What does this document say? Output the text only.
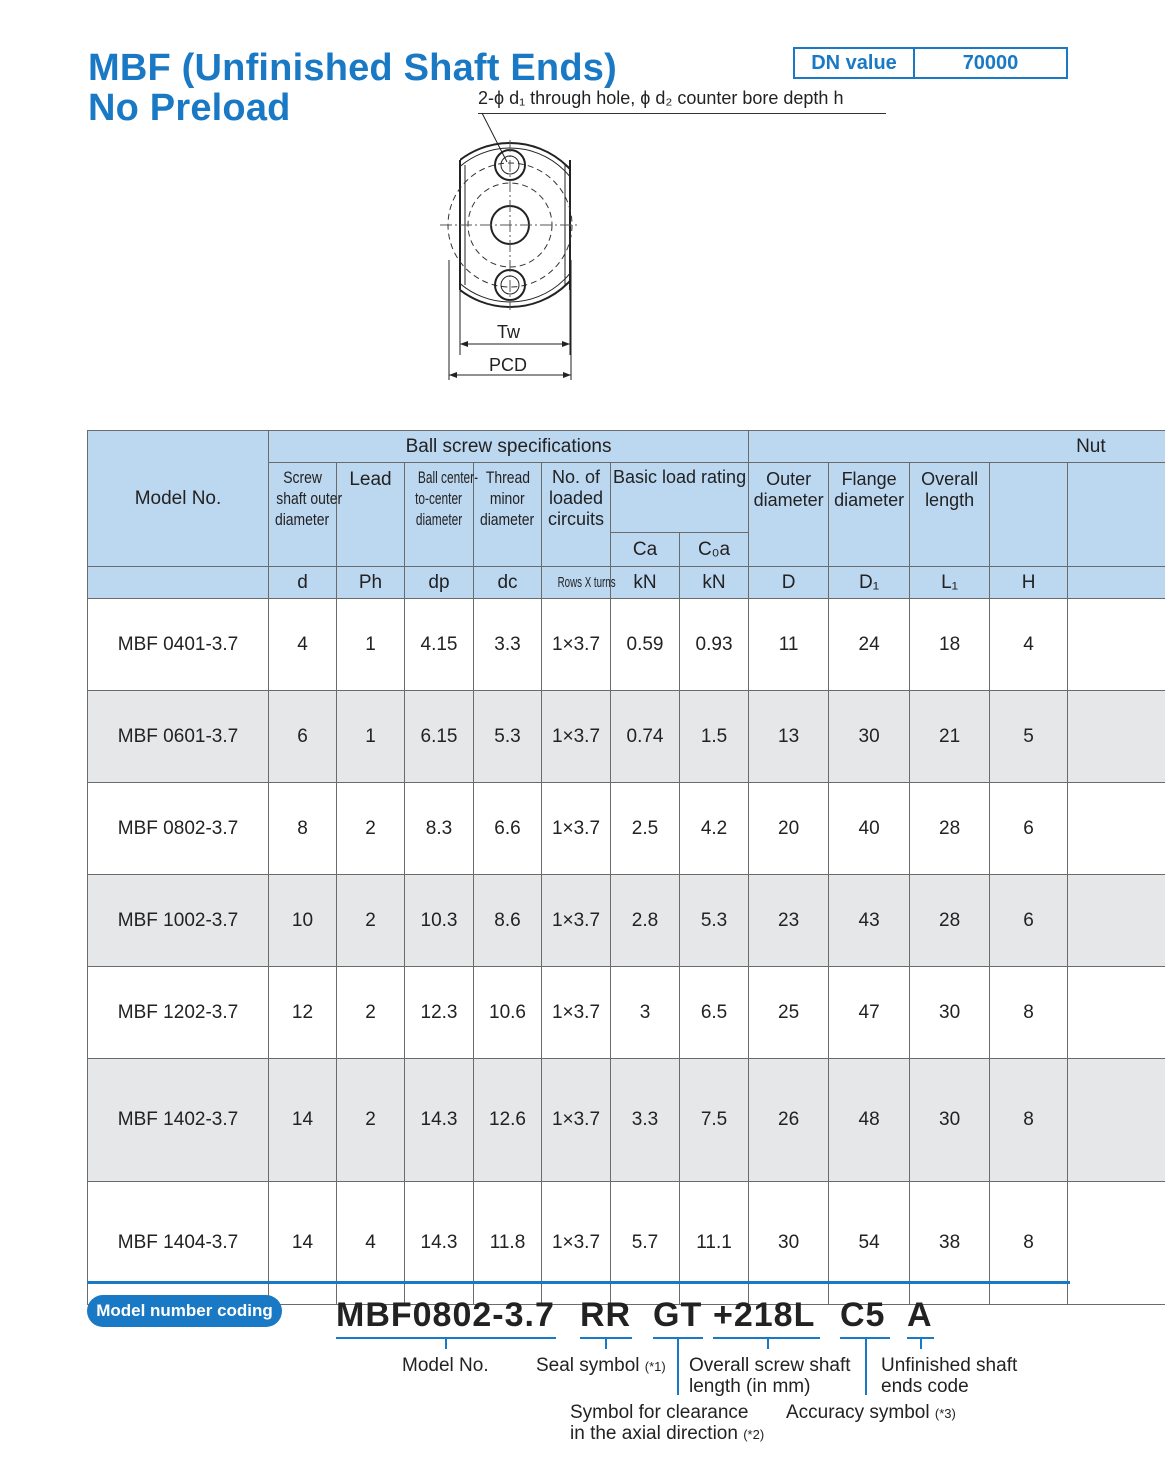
MBF (Unfinished Shaft Ends)
No Preload
DN value	70000
2-ϕ d₁ through hole, ϕ d₂ counter bore depth h
Tw
PCD
Model No.	Ball screw specifications							Nut				
	Screw
shaft outer
diameter	Lead	Ball center-
to-center
diameter	Thread
minor
diameter	No. of
loaded
circuits	Basic load rating		Outer
diameter	Flange
diameter	Overall
length		
						Ca	C₀a					
	d	Ph	dp	dc	Rows X turns	kN	kN	D	D₁	L₁	H	
MBF 0401-3.7	4	1	4.15	3.3	1×3.7	0.59	0.93	11	24	18	4	
MBF 0601-3.7	6	1	6.15	5.3	1×3.7	0.74	1.5	13	30	21	5	
MBF 0802-3.7	8	2	8.3	6.6	1×3.7	2.5	4.2	20	40	28	6	
MBF 1002-3.7	10	2	10.3	8.6	1×3.7	2.8	5.3	23	43	28	6	
MBF 1202-3.7	12	2	12.3	10.6	1×3.7	3	6.5	25	47	30	8	
MBF 1402-3.7	14	2	14.3	12.6	1×3.7	3.3	7.5	26	48	30	8	
MBF 1404-3.7	14	4	14.3	11.8	1×3.7	5.7	11.1	30	54	38	8	
Model number coding MBF0802-3.7 RR GT +218L C5 A
Model No. Seal symbol (*1) Overall screw shaft
length (in mm)
Unfinished shaft
ends code
Symbol for clearance
in the axial direction (*2)
Accuracy symbol (*3)
